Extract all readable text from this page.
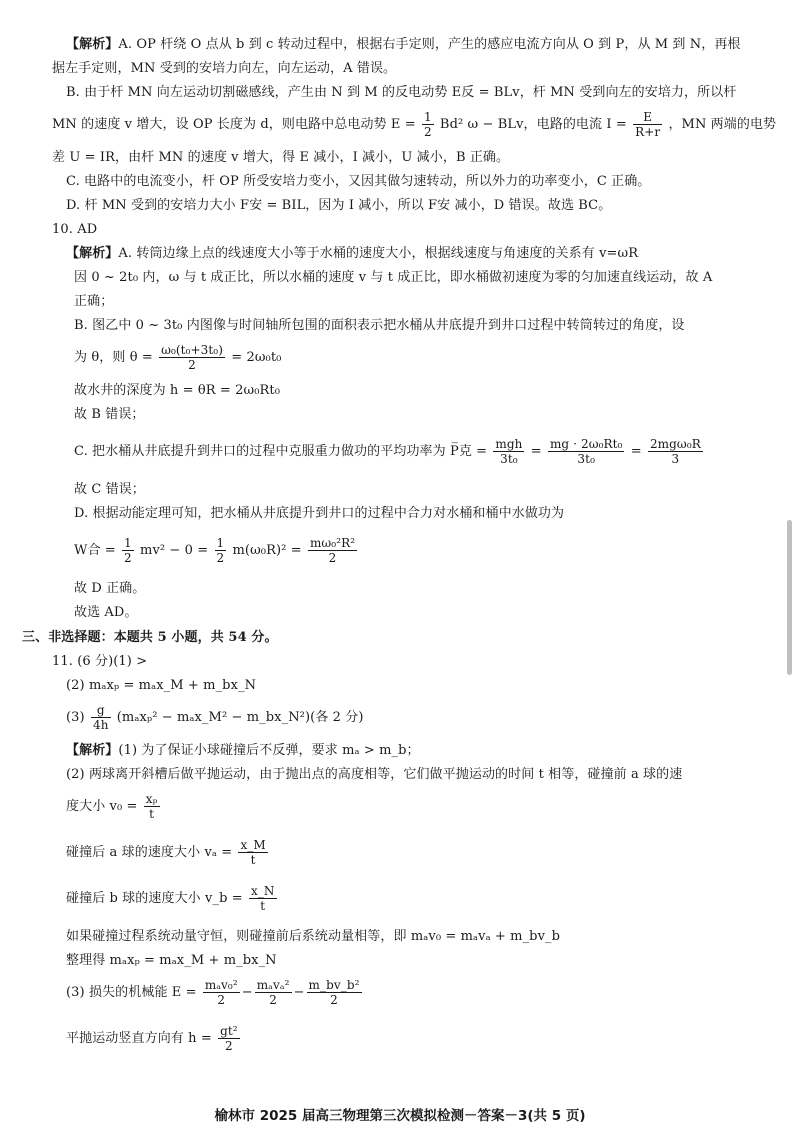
【解析】A. OP 杆绕 O 点从 b 到 c 转动过程中，根据右手定则，产生的感应电流方向从 O 到 P，从 M 到 N，再根
据左手定则，MN 受到的安培力向左，向左运动，A 错误。
B. 由于杆 MN 向左运动切割磁感线，产生由 N 到 M 的反电动势 E反 = BLv，杆 MN 受到向左的安培力，所以杆
MN 的速度 v 增大，设 OP 长度为 d，则电路中总电动势 $E = \frac{1}{2} Bd^2$ ω − BLv，电路的电流 $I = \frac{E}{R+r}$ ，MN 两端的电势
差 U = IR，由杆 MN 的速度 v 增大，得 E 减小，I 减小，U 减小，B 正确。
C. 电路中的电流变小，杆 OP 所受安培力变小，又因其做匀速转动，所以外力的功率变小，C 正确。
D. 杆 MN 受到的安培力大小 F安 = BIL，因为 I 减小，所以 F安 减小，D 错误。故选 BC。
10. AD
【解析】A. 转筒边缘上点的线速度大小等于水桶的速度大小，根据线速度与角速度的关系有 v=ωR
因 0 ~ 2t₀ 内，ω 与 t 成正比，所以水桶的速度 v 与 t 成正比，即水桶做初速度为零的匀加速直线运动，故 A
正确；
B. 图乙中 0 ~ 3t₀ 内图像与时间轴所包围的面积表示把水桶从井底提升到井口过程中转筒转过的角度，设
为 θ，则 $\theta = \frac{\text{ω₀(t₀+3t₀)}}{2} = 2\omega_0t_0$
故水井的深度为 h = θR = 2ω₀Rt₀
故 B 错误；
C. 把水桶从井底提升到井口的过程中克服重力做功的平均功率为 P̅克 = $\frac{\text{mgh}}{\text{3t₀}} = \frac{\text{mg · 2ω₀Rt₀}}{\text{3t₀}} = \frac{\text{2mgω₀R}}{3}$
故 C 错误；
D. 根据动能定理可知，把水桶从井底提升到井口的过程中合力对水桶和桶中水做功为
W合 = $\frac{1}{2} mv^2 - 0 = \frac{1}{2} m(\omega_0R)^2 = \frac{\text{mω₀²R²}}{2}$
故 D 正确。
故选 AD。
三、非选择题：本题共 5 小题，共 54 分。
11. (6 分)(1) >
(2) mₐxₚ = mₐx_M + m_bx_N
$(3) \frac{g}{4h} (m_ax_p^2$ − mₐx_M² − m_bx_N²)(各 2 分)
【解析】(1) 为了保证小球碰撞后不反弹，要求 mₐ > m_b；
(2) 两球离开斜槽后做平抛运动，由于抛出点的高度相等，它们做平抛运动的时间 t 相等，碰撞前 a 球的速
度大小 $v_0 = \frac{\text{xₚ}}{t}$
碰撞后 a 球的速度大小 $v_a = \frac{x\_M}{t}$
碰撞后 b 球的速度大小 v_b = $\frac{x\_N}{t}$
如果碰撞过程系统动量守恒，则碰撞前后系统动量相等，即 mₐv₀ = mₐvₐ + m_bv_b
整理得 mₐxₚ = mₐx_M + m_bx_N
(3) 损失的机械能 $E = \frac{\text{mₐv₀²}}{2} - \frac{\text{mₐvₐ²}}{2} - \frac{\text{m\_bv\_b²}}{2}$
平抛运动竖直方向有 $h = \frac{\text{gt²}}{2}$
榆林市 2025 届高三物理第三次模拟检测－答案－3(共 5 页)
